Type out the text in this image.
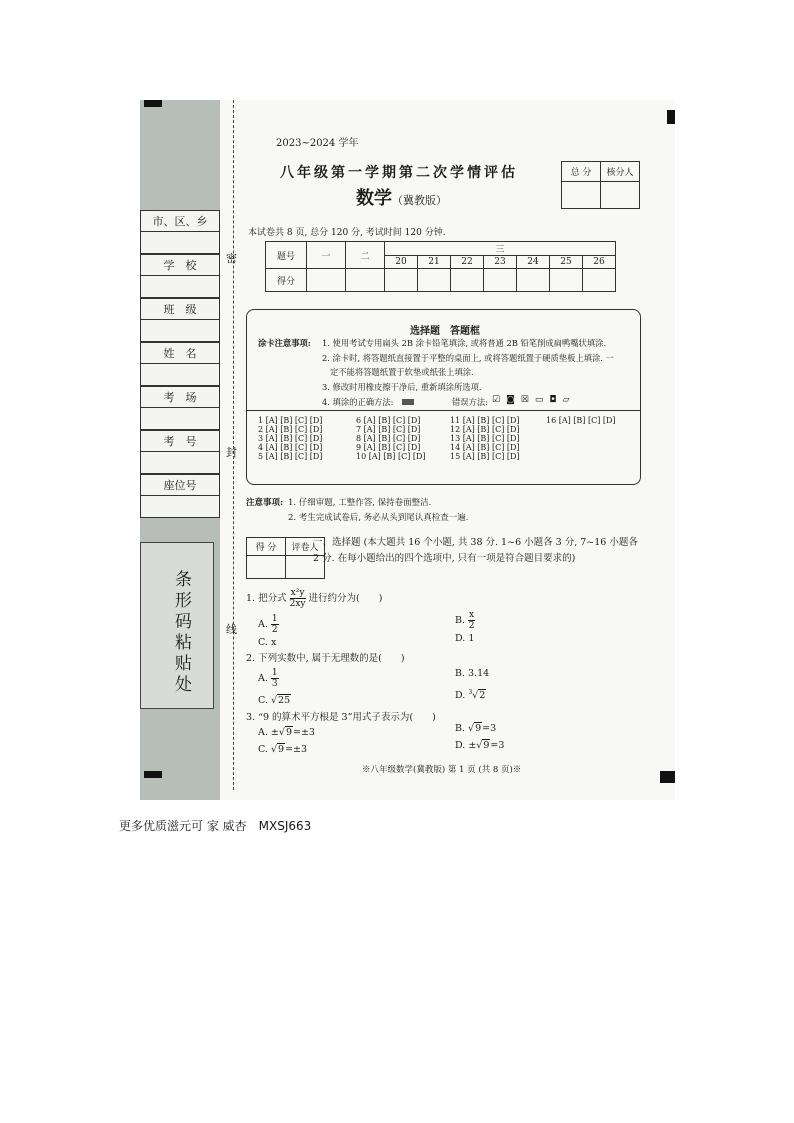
市、区、乡
学　校
班　级
姓　名
考　场
考　号
座位号
条形码粘贴处
密
封
线
2023~2024 学年
八年级第一学期第二次学情评估
数学（冀教版）
总 分	核分人

本试卷共 8 页, 总分 120 分, 考试时间 120 分钟.
题号	一	二	三						
			20	21	22	23	24	25	26
得分									
选择题　答题框
涂卡注意事项: 1. 使用考试专用扁头 2B 涂卡铅笔填涂, 或将普通 2B 铅笔削成扁鸭嘴状填涂.
2. 涂卡时, 将答题纸直接置于平整的桌面上, 或将答题纸置于硬质垫板上填涂. 一
定不能将答题纸置于软垫或纸张上填涂.
3. 修改时用橡皮擦干净后, 重新填涂所选项.
4. 填涂的正确方法:	错误方法: ☑◙☒▭◘▱
1 [A] [B] [C] [D]
2 [A] [B] [C] [D]
3 [A] [B] [C] [D]
4 [A] [B] [C] [D]
5 [A] [B] [C] [D]
6 [A] [B] [C] [D]
7 [A] [B] [C] [D]
8 [A] [B] [C] [D]
9 [A] [B] [C] [D]
10 [A] [B] [C] [D]
11 [A] [B] [C] [D]
12 [A] [B] [C] [D]
13 [A] [B] [C] [D]
14 [A] [B] [C] [D]
15 [A] [B] [C] [D]
16 [A] [B] [C] [D]
注意事项: 1. 仔细审题, 工整作答, 保持卷面整洁.
2. 考生完成试卷后, 务必从头到尾认真检查一遍.
得 分	评卷人

一、选择题 (本大题共 16 个小题, 共 38 分. 1~6 小题各 3 分, 7~16 小题各 2 分. 在每小题给出的四个选项中, 只有一项是符合题目要求的)
1. 把分式 $\frac{\text{x²y}}{2xy}$ 进行约分为(　　)
A. $\frac{1}{2}$	B. $\frac{x}{2}$
C. x	D. 1
2. 下列实数中, 属于无理数的是(　　)
A. $\frac{1}{3}$	B. 3.14
C. √25	D. $^3$√2
3. “9 的算术平方根是 3”用式子表示为(　　)
A. ±√9=±3	B. √9=3
C. √9=±3	D. ±√9=3
※八年级数学(冀教版) 第 1 页 (共 8 页)※
更多优质滋元可 家 威杏　MXSJ663
